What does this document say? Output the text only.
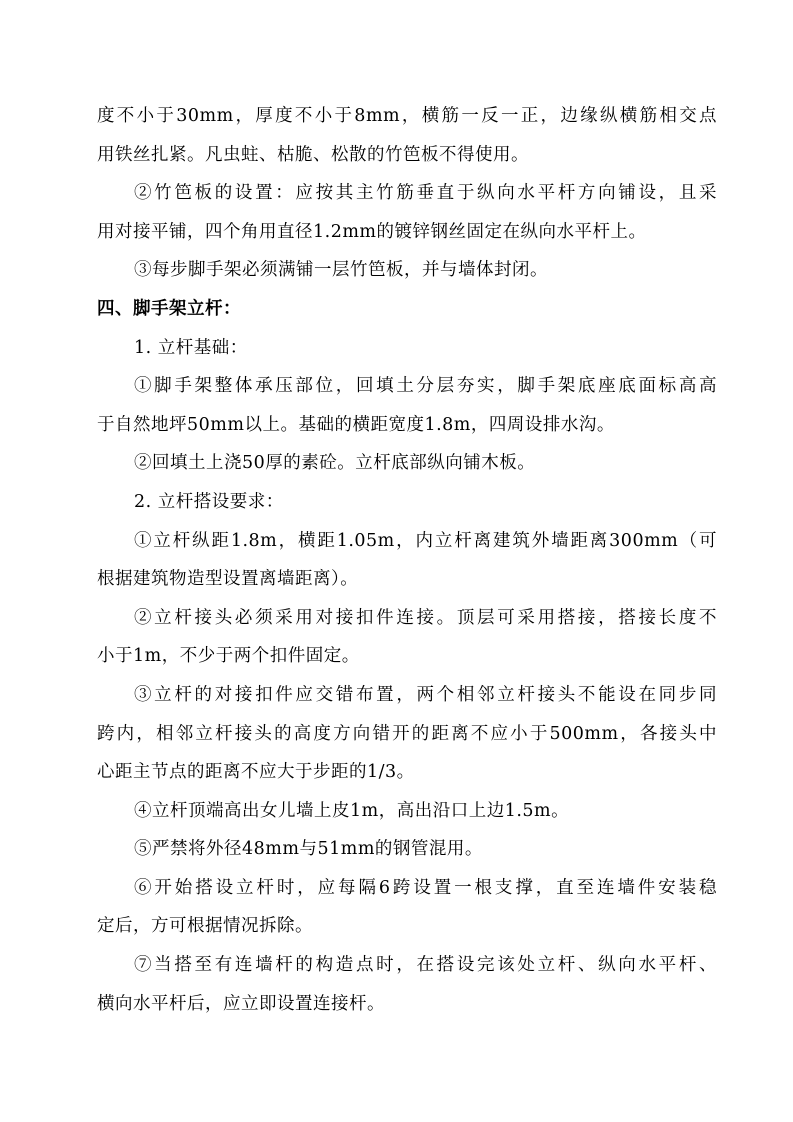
度不小于30mm，厚度不小于8mm，横筋一反一正，边缘纵横筋相交点
用铁丝扎紧。凡虫蛀、枯脆、松散的竹笆板不得使用。
②竹笆板的设置：应按其主竹筋垂直于纵向水平杆方向铺设，且采
用对接平铺，四个角用直径1.2mm的镀锌钢丝固定在纵向水平杆上。
③每步脚手架必须满铺一层竹笆板，并与墙体封闭。
四、脚手架立杆：
1. 立杆基础：
①脚手架整体承压部位，回填土分层夯实，脚手架底座底面标高高
于自然地坪50mm以上。基础的横距宽度1.8m，四周设排水沟。
②回填土上浇50厚的素砼。立杆底部纵向铺木板。
2. 立杆搭设要求：
①立杆纵距1.8m，横距1.05m，内立杆离建筑外墙距离300mm（可
根据建筑物造型设置离墙距离）。
②立杆接头必须采用对接扣件连接。顶层可采用搭接，搭接长度不
小于1m，不少于两个扣件固定。
③立杆的对接扣件应交错布置，两个相邻立杆接头不能设在同步同
跨内，相邻立杆接头的高度方向错开的距离不应小于500mm，各接头中
心距主节点的距离不应大于步距的1/3。
④立杆顶端高出女儿墙上皮1m，高出沿口上边1.5m。
⑤严禁将外径48mm与51mm的钢管混用。
⑥开始搭设立杆时，应每隔6跨设置一根支撑，直至连墙件安装稳
定后，方可根据情况拆除。
⑦当搭至有连墙杆的构造点时，在搭设完该处立杆、纵向水平杆、
横向水平杆后，应立即设置连接杆。
